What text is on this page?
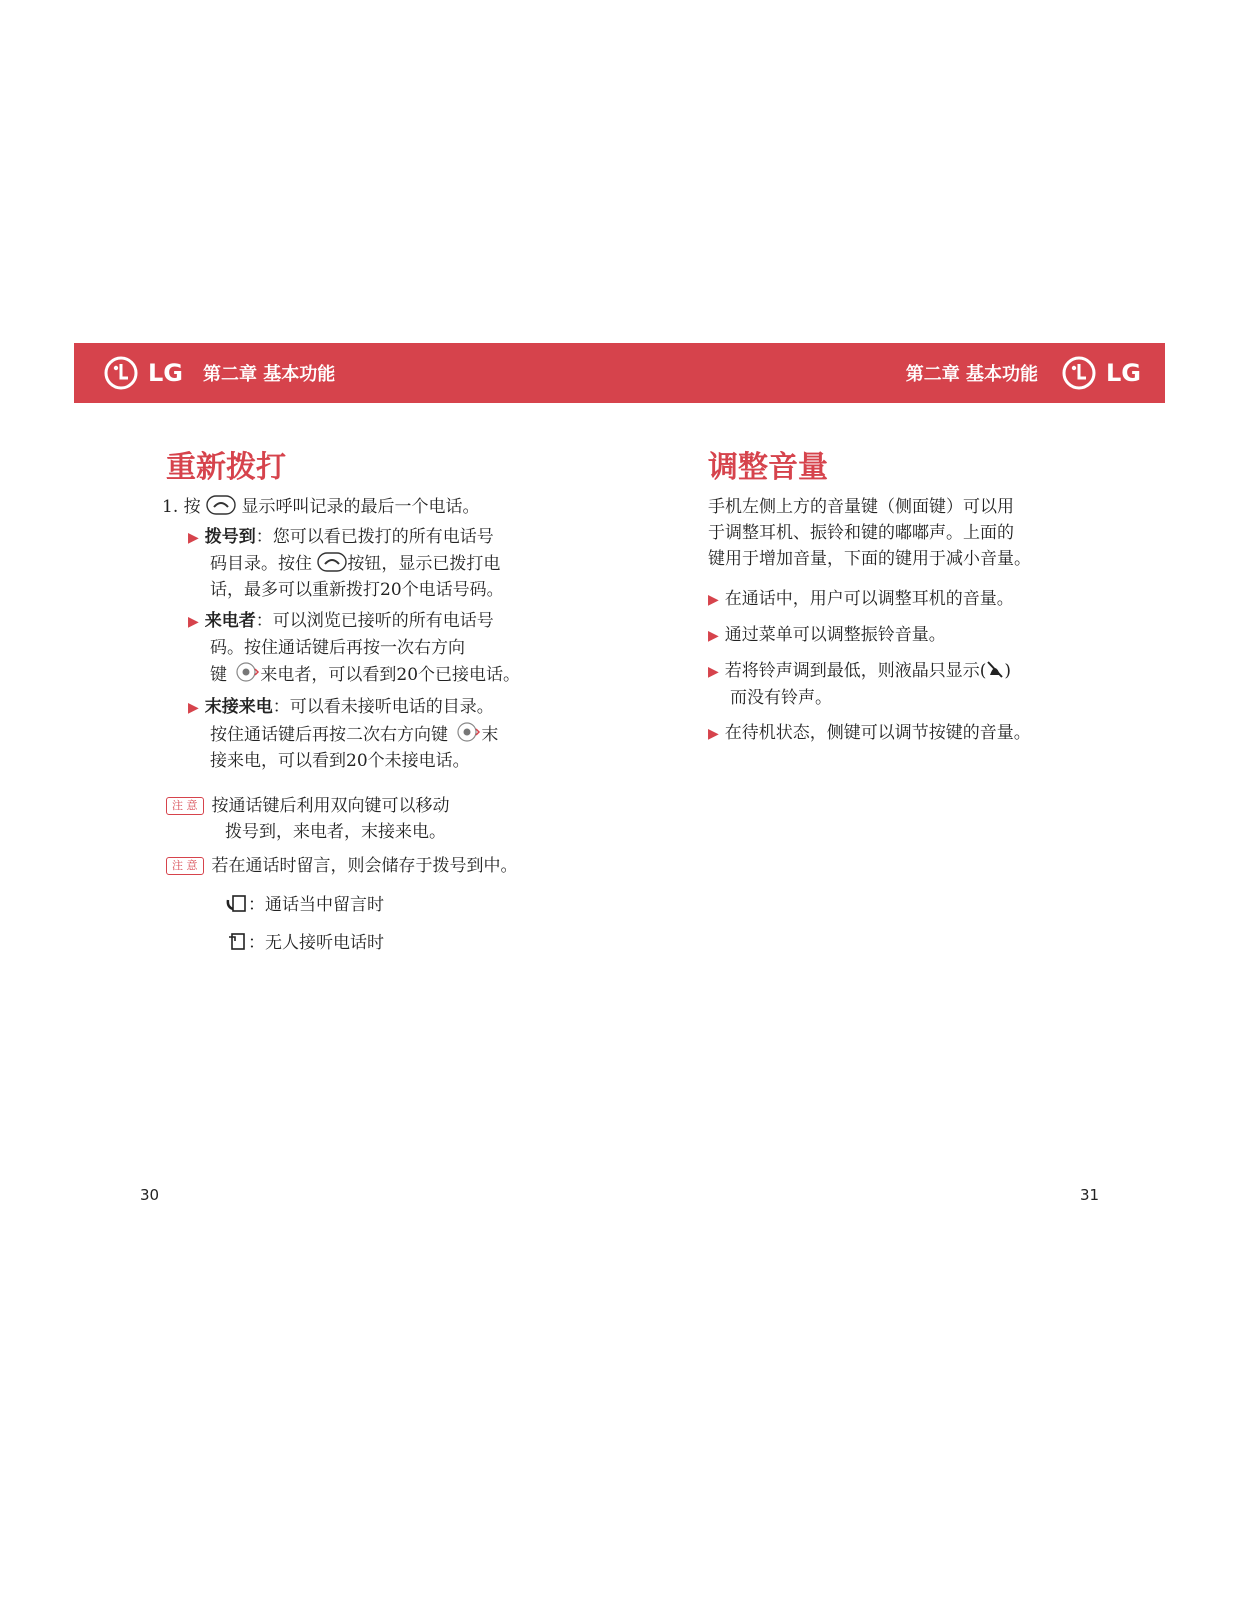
LG 第二章 基本功能	第二章 基本功能	LG
重新拨打
1. 按 显示呼叫记录的最后一个电话。
▶ 拨号到：您可以看已拨打的所有电话号
码目录。按住 按钮，显示已拨打电
话，最多可以重新拨打20个电话号码。
▶ 来电者：可以浏览已接听的所有电话号
码。按住通话键后再按一次右方向
键 来电者，可以看到20个已接电话。
▶ 末接来电：可以看未接听电话的目录。
按住通话键后再按二次右方向键 末
接来电，可以看到20个未接电话。
注 意 按通话键后利用双向键可以移动
拨号到，来电者，末接来电。
注 意 若在通话时留言，则会储存于拨号到中。
：通话当中留言时
：无人接听电话时
30
调整音量
手机左侧上方的音量键（侧面键）可以用
于调整耳机、振铃和键的嘟嘟声。上面的
键用于增加音量，下面的键用于减小音量。
▶ 在通话中，用户可以调整耳机的音量。
▶ 通过菜单可以调整振铃音量。
▶ 若将铃声调到最低，则液晶只显示( )
而没有铃声。
▶ 在待机状态，侧键可以调节按键的音量。
31
